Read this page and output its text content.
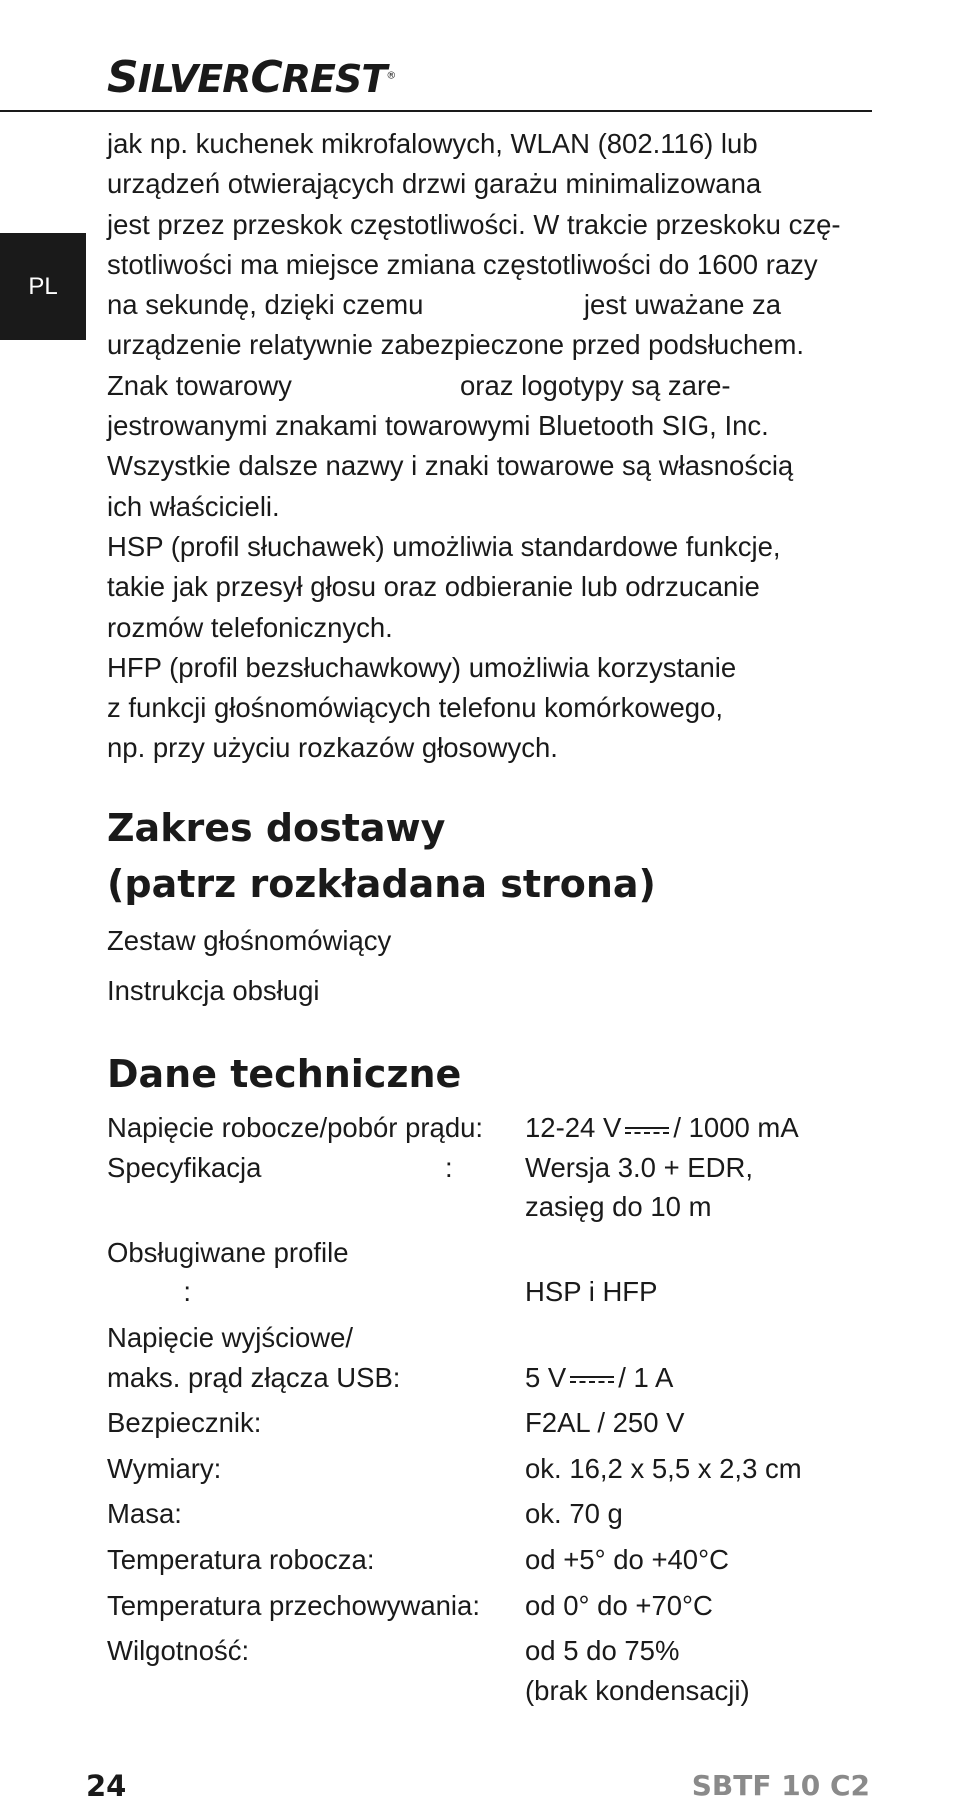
SILVERCREST®
PL

jak np. kuchenek mikrofalowych, WLAN (802.116) lub

urządzeń otwierających drzwi garażu minimalizowana

jest przez przeskok częstotliwości. W trakcie przeskoku czę-

stotliwości ma miejsce zmiana częstotliwości do 1600 razy

na sekundę, dzięki czemu                     jest uważane za

urządzenie relatywnie zabezpieczone przed podsłuchem.

Znak towarowy                      oraz logotypy są zare-

jestrowanymi znakami towarowymi Bluetooth SIG, Inc.

Wszystkie dalsze nazwy i znaki towarowe są własnością

ich właścicieli.

HSP (profil słuchawek) umożliwia standardowe funkcje,

takie jak przesył głosu oraz odbieranie lub odrzucanie

rozmów telefonicznych.

HFP (profil bezsłuchawkowy) umożliwia korzystanie

z funkcji głośnomówiących telefonu komórkowego,

np. przy użyciu rozkazów głosowych.

Zakres dostawy
(patrz rozkładana strona)
Zestaw głośnomówiący
Instrukcja obsługi
Dane techniczne
Napięcie robocze/pobór prądu:	12-24 V / 1000 mA
Specyfikacja	:	Wersja 3.0 + EDR,
zasięg do 10 m
Obsługiwane profile
:	HSP i HFP
Napięcie wyjściowe/
maks. prąd złącza USB:	5 V / 1 A
Bezpiecznik:	F2AL / 250 V
Wymiary:	ok. 16,2 x 5,5 x 2,3 cm
Masa:	ok. 70 g
Temperatura robocza:	od +5° do +40°C
Temperatura przechowywania:	od 0° do +70°C
Wilgotność:	od 5 do 75%
(brak kondensacji)
24	SBTF 10 C2
